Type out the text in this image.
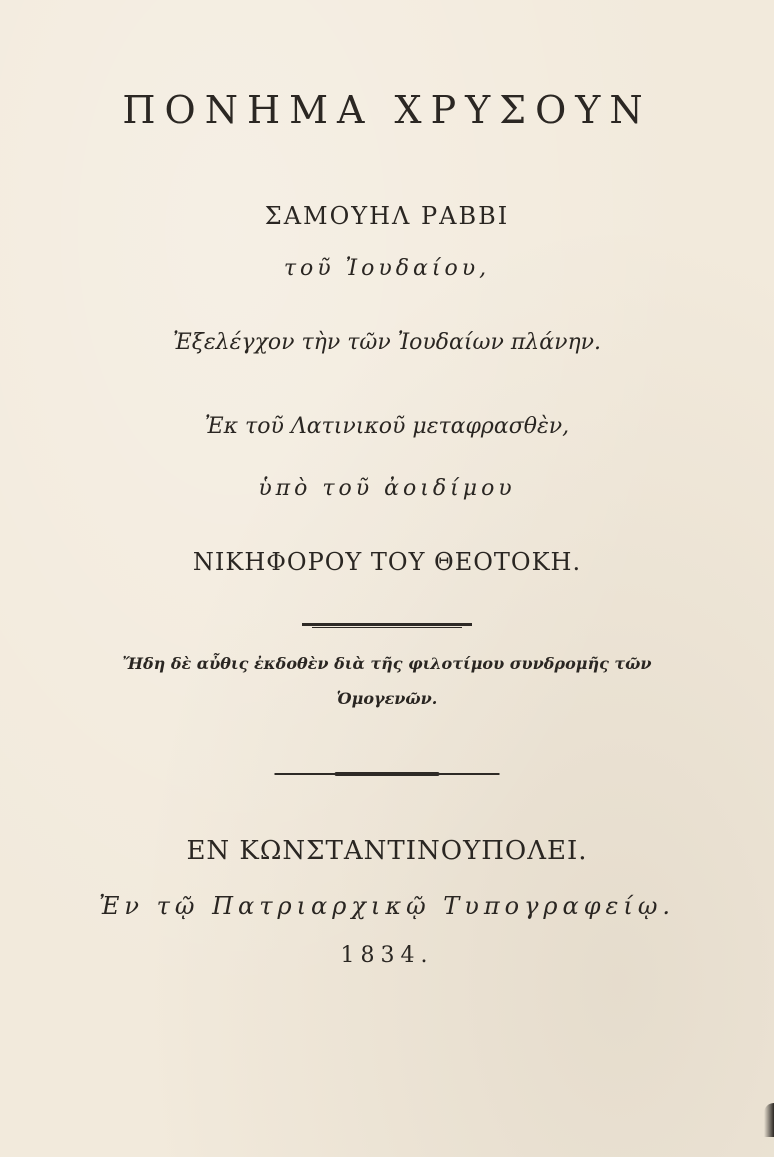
ΠΟΝΗΜΑ ΧΡΥΣΟΥΝ
ΣΑΜΟΥΗΛ ΡΑΒΒΙ
τοῦ Ἰουδαίου,
Ἐξελέγχον τὴν τῶν Ἰουδαίων πλάνην.
Ἐκ τοῦ Λατινικοῦ μεταφρασθὲν,
ὑπὸ τοῦ ἀοιδίμου
ΝΙΚΗΦΟΡΟΥ ΤΟΥ ΘΕΟΤΟΚΗ.
Ἤδη δὲ αὖθις ἐκδοθὲν διὰ τῆς φιλοτίμου συνδρομῆς τῶν
Ὁμογενῶν.
ΕΝ ΚΩΝΣΤΑΝΤΙΝΟΥΠΟΛΕΙ.
Ἐν τῷ Πατριαρχικῷ Τυπογραφείῳ.
1834.
